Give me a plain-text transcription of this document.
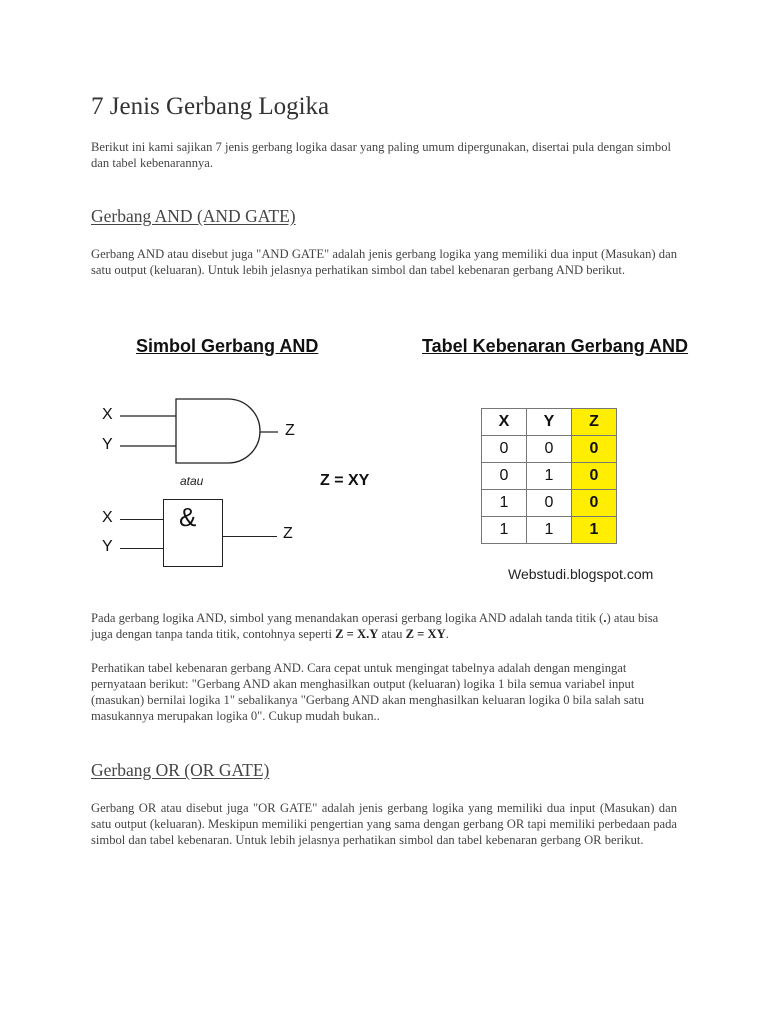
7 Jenis Gerbang Logika

Berikut ini kami sajikan 7 jenis gerbang logika dasar yang paling umum dipergunakan, disertai pula dengan simbol dan tabel kebenarannya.

Gerbang AND (AND GATE)

Gerbang AND atau disebut juga "AND GATE" adalah jenis gerbang logika yang memiliki dua input (Masukan) dan satu output (keluaran). Untuk lebih jelasnya perhatikan simbol dan tabel kebenaran gerbang AND berikut.

Simbol Gerbang AND	Tabel Kebenaran Gerbang AND
X
Y
Z
atau	Z = XY
&
X
Y
Z
X	Y	Z
0	0	0
0	1	0
1	0	0
1	1	1
Webstudi.blogspot.com

Pada gerbang logika AND, simbol yang menandakan operasi gerbang logika AND adalah tanda titik (.) atau bisa juga dengan tanpa tanda titik, contohnya seperti Z = X.Y atau Z = XY.

Perhatikan tabel kebenaran gerbang AND. Cara cepat untuk mengingat tabelnya adalah dengan mengingat pernyataan berikut: "Gerbang AND akan menghasilkan output (keluaran) logika 1 bila semua variabel input (masukan) bernilai logika 1" sebalikanya "Gerbang AND akan menghasilkan keluaran logika 0 bila salah satu masukannya merupakan logika 0". Cukup mudah bukan..

Gerbang OR (OR GATE)

Gerbang OR atau disebut juga "OR GATE" adalah jenis gerbang logika yang memiliki dua input (Masukan) dan satu output (keluaran). Meskipun memiliki pengertian yang sama dengan gerbang OR tapi memiliki perbedaan pada simbol dan tabel kebenaran. Untuk lebih jelasnya perhatikan simbol dan tabel kebenaran gerbang OR berikut.
